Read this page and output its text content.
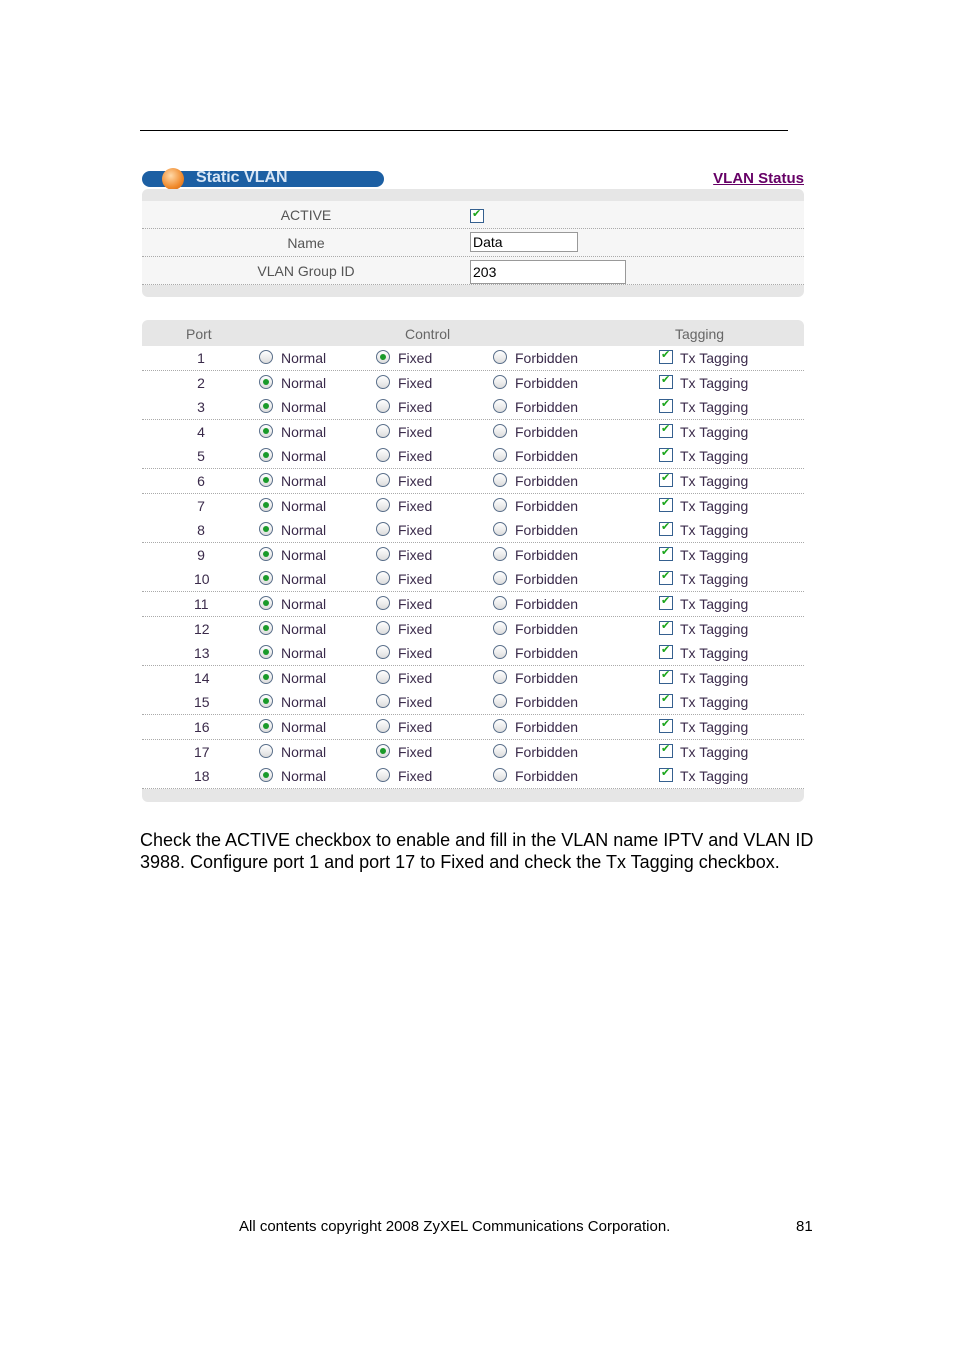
Static VLAN	VLAN Status
ACTIVE
✔
Name
Data
VLAN Group ID
203
Port	Control	Tagging
1	Normal	Fixed	Forbidden ✔	Tx Tagging
2	Normal	Fixed	Forbidden ✔	Tx Tagging
3	Normal	Fixed	Forbidden ✔	Tx Tagging
4	Normal	Fixed	Forbidden ✔	Tx Tagging
5	Normal	Fixed	Forbidden ✔	Tx Tagging
6	Normal	Fixed	Forbidden ✔	Tx Tagging
7	Normal	Fixed	Forbidden ✔	Tx Tagging
8	Normal	Fixed	Forbidden ✔	Tx Tagging
9	Normal	Fixed	Forbidden ✔	Tx Tagging
10	Normal	Fixed	Forbidden ✔	Tx Tagging
11	Normal	Fixed	Forbidden ✔	Tx Tagging
12	Normal	Fixed	Forbidden ✔	Tx Tagging
13	Normal	Fixed	Forbidden ✔	Tx Tagging
14	Normal	Fixed	Forbidden ✔	Tx Tagging
15	Normal	Fixed	Forbidden ✔	Tx Tagging
16	Normal	Fixed	Forbidden ✔	Tx Tagging
17	Normal	Fixed	Forbidden ✔	Tx Tagging
18	Normal	Fixed	Forbidden ✔	Tx Tagging
Check the ACTIVE checkbox to enable and fill in the VLAN name IPTV and VLAN ID 3988. Configure port 1 and port 17 to Fixed and check the Tx Tagging checkbox.
All contents copyright 2008 ZyXEL Communications Corporation.	81
